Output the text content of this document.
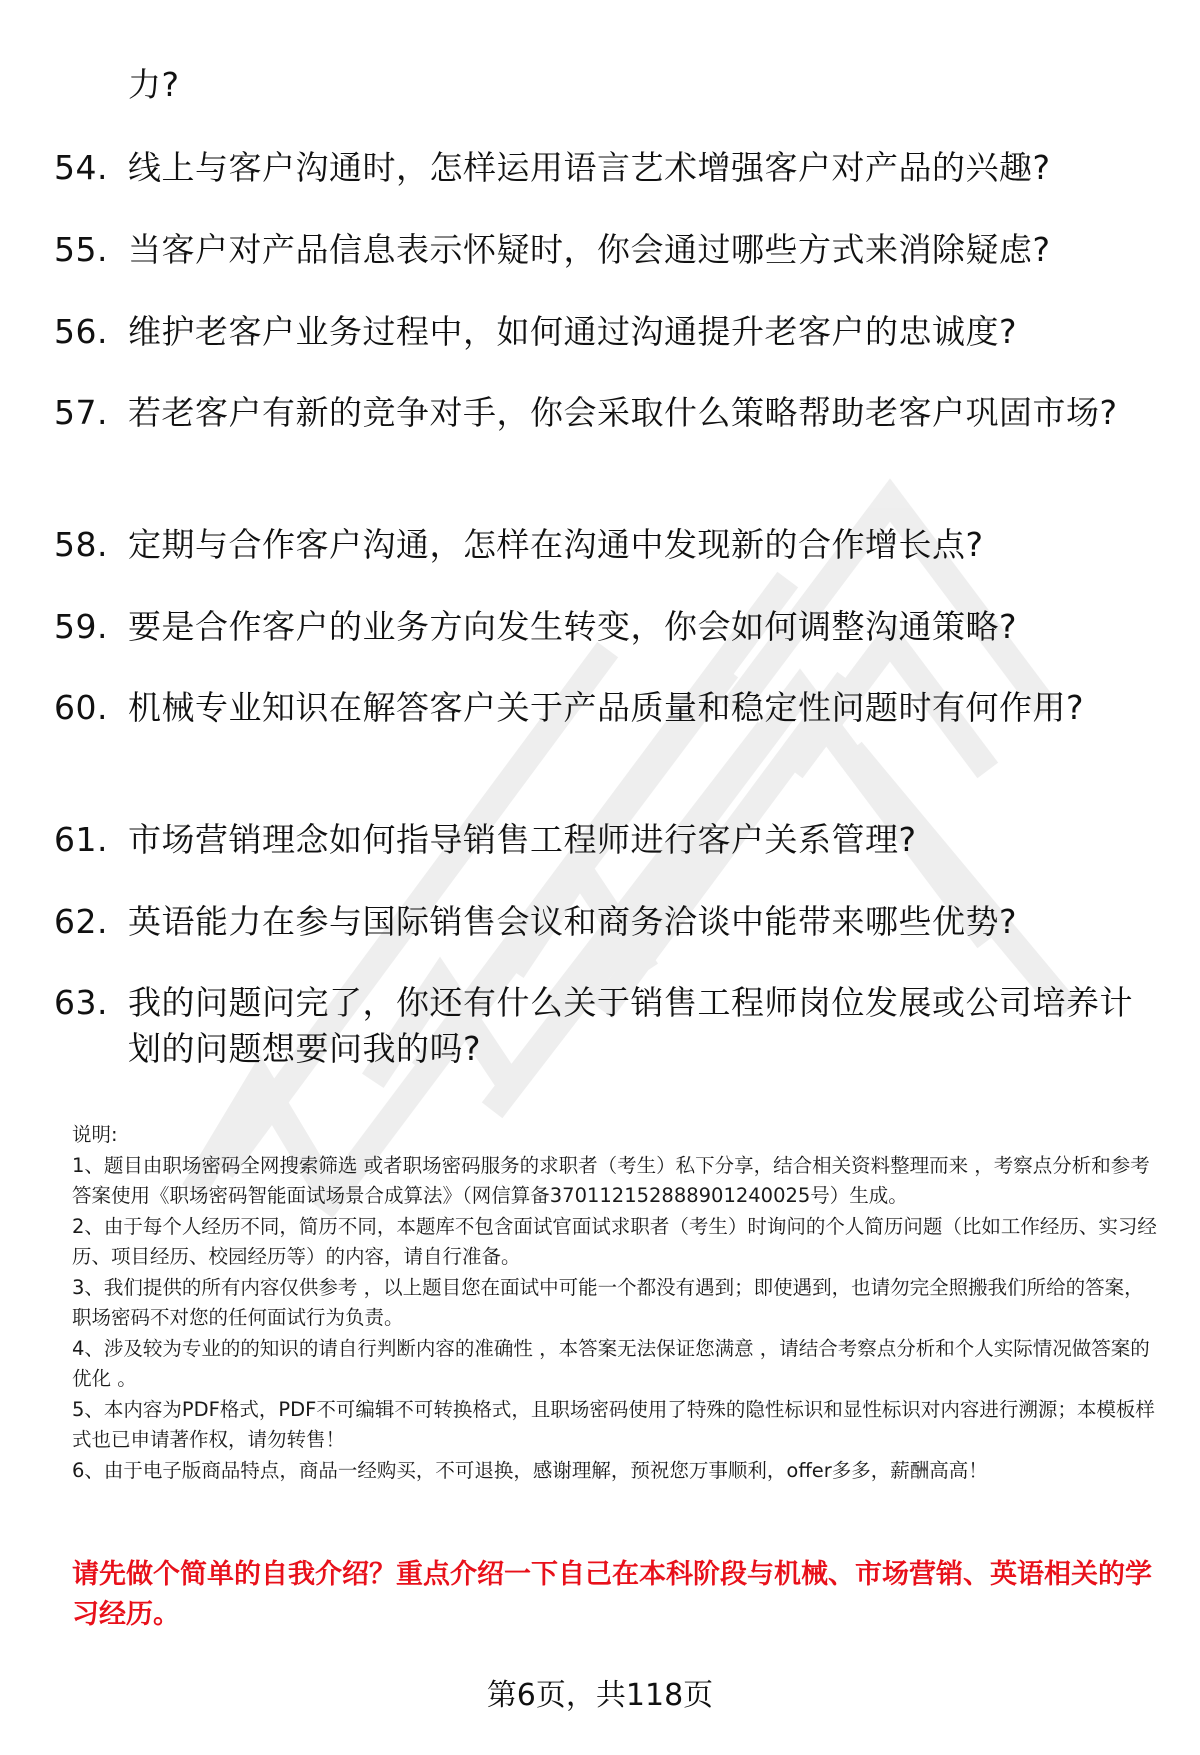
力?
54. 线上与客户沟通时，怎样运用语言艺术增强客户对产品的兴趣?
55. 当客户对产品信息表示怀疑时，你会通过哪些方式来消除疑虑?
56. 维护老客户业务过程中，如何通过沟通提升老客户的忠诚度?
57. 若老客户有新的竞争对手，你会采取什么策略帮助老客户巩固市场?
58. 定期与合作客户沟通，怎样在沟通中发现新的合作增长点?
59. 要是合作客户的业务方向发生转变，你会如何调整沟通策略?
60. 机械专业知识在解答客户关于产品质量和稳定性问题时有何作用?
61. 市场营销理念如何指导销售工程师进行客户关系管理?
62. 英语能力在参与国际销售会议和商务洽谈中能带来哪些优势?
63. 我的问题问完了，你还有什么关于销售工程师岗位发展或公司培养计划的问题想要问我的吗?

说明:

1、题目由职场密码全网搜索筛选 或者职场密码服务的求职者（考生）私下分享，结合相关资料整理而来 ，考察点分析和参考答案使用《职场密码智能面试场景合成算法》（网信算备370112152888901240025号）生成。

2、由于每个人经历不同，简历不同，本题库不包含面试官面试求职者（考生）时询问的个人简历问题（比如工作经历、实习经历、项目经历、校园经历等）的内容，请自行准备。

3、我们提供的所有内容仅供参考 ，以上题目您在面试中可能一个都没有遇到；即使遇到，也请勿完全照搬我们所给的答案，职场密码不对您的任何面试行为负责。

4、涉及较为专业的的知识的请自行判断内容的准确性 ，本答案无法保证您满意 ，请结合考察点分析和个人实际情况做答案的优化 。

5、本内容为PDF格式，PDF不可编辑不可转换格式，且职场密码使用了特殊的隐性标识和显性标识对内容进行溯源；本模板样式也已申请著作权，请勿转售！

6、由于电子版商品特点，商品一经购买，不可退换，感谢理解，预祝您万事顺利，offer多多，薪酬高高！

请先做个简单的自我介绍？重点介绍一下自己在本科阶段与机械、市场营销、英语相关的学习经历。
第6页，共118页
